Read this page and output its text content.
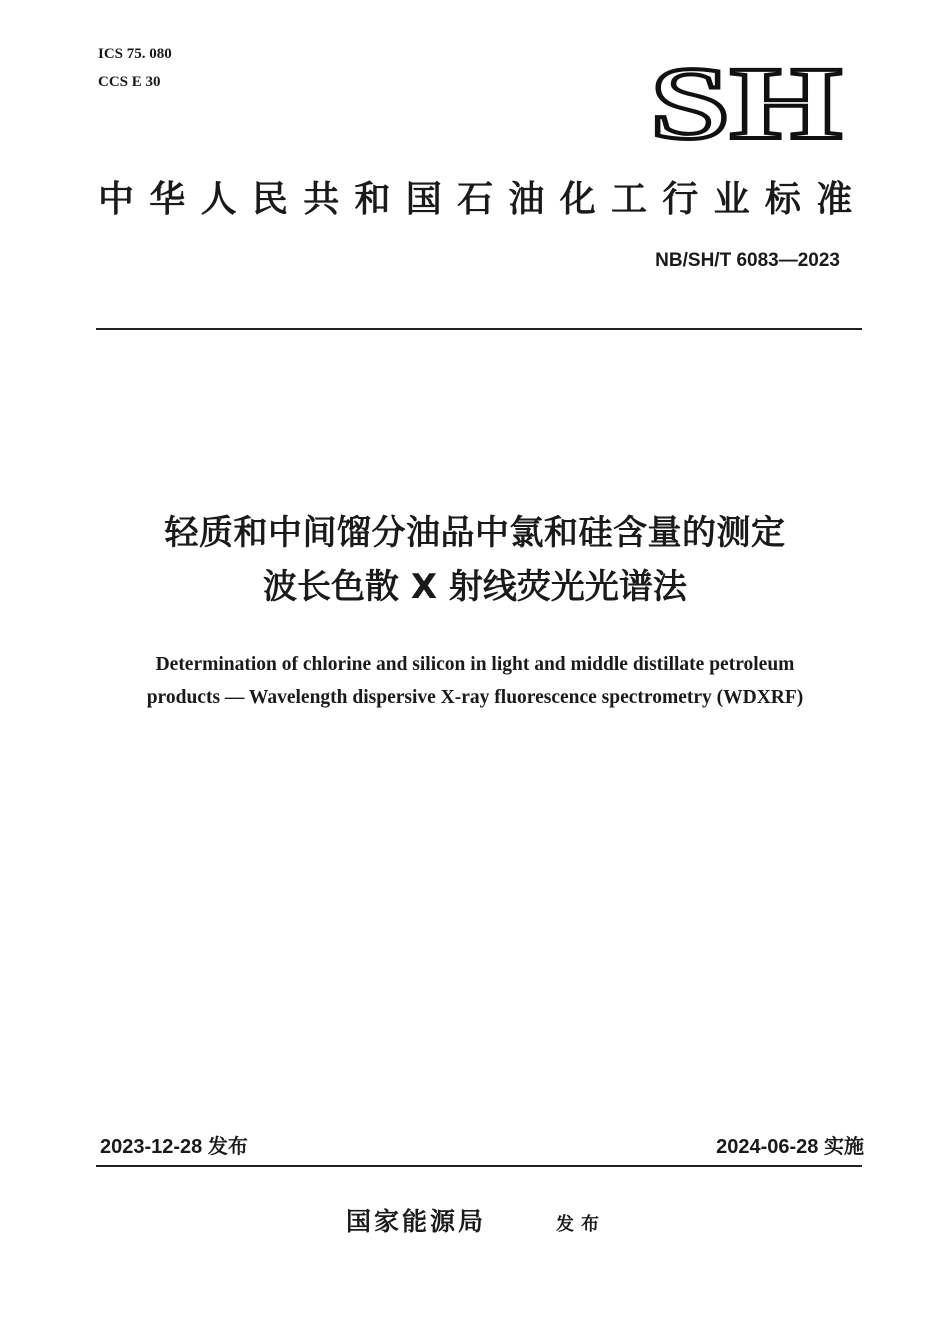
ICS 75. 080
CCS E 30	SH
中华人民共和国石油化工行业标准
NB/SH/T 6083—2023
轻质和中间馏分油品中氯和硅含量的测定
波长色散 X 射线荧光光谱法
Determination of chlorine and silicon in light and middle distillate petroleum
products — Wavelength dispersive X-ray fluorescence spectrometry (WDXRF)
2023-12-28 发布	2024-06-28 实施
国家能源局	发布
